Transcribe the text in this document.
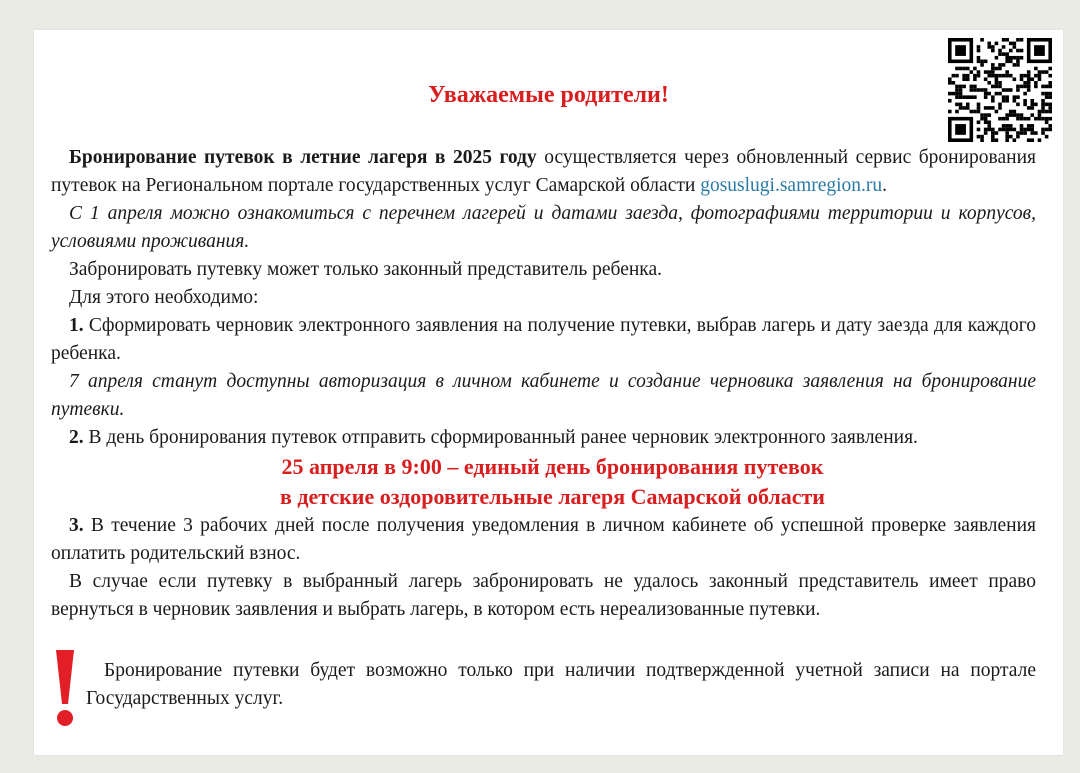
Уважаемые родители!

Бронирование путевок в летние лагеря в 2025 году осуществляется через обновленный сервис бронирования путевок на Региональном портале государственных услуг Самарской области gosuslugi.samregion.ru.

С 1 апреля можно ознакомиться с перечнем лагерей и датами заезда, фотографиями территории и корпусов, условиями проживания.

Забронировать путевку может только законный представитель ребенка.

Для этого необходимо:

1. Сформировать черновик электронного заявления на получение путевки, выбрав лагерь и дату заезда для каждого ребенка.

7 апреля станут доступны авторизация в личном кабинете и создание черновика заявления на бронирование путевки.

2. В день бронирования путевок отправить сформированный ранее черновик электронного заявления.

25 апреля в 9:00 – единый день бронирования путевок

в детские оздоровительные лагеря Самарской области

3. В течение 3 рабочих дней после получения уведомления в личном кабинете об успешной проверке заявления оплатить родительский взнос.

В случае если путевку в выбранный лагерь забронировать не удалось законный представитель имеет право вернуться в черновик заявления и выбрать лагерь, в котором есть нереализованные путевки.

Бронирование путевки будет возможно только при наличии подтвержденной учетной записи на портале Государственных услуг.
